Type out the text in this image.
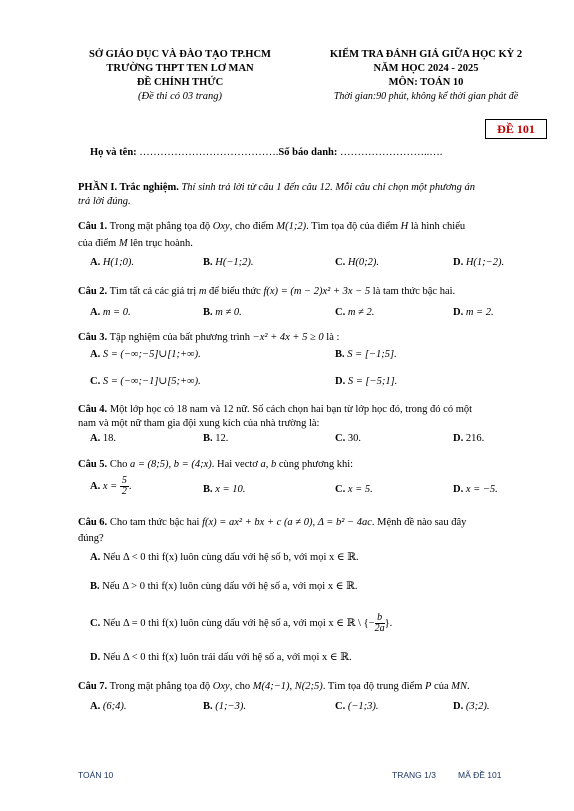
SỞ GIÁO DỤC VÀ ĐÀO TẠO TP.HCM
TRƯỜNG THPT TEN LƠ MAN
ĐỀ CHÍNH THỨC
(Đề thi có 03 trang)
KIỂM TRA ĐÁNH GIÁ GIỮA HỌC KỲ 2
NĂM HỌC 2024 - 2025
MÔN: TOÁN 10
Thời gian:90 phút, không kể thời gian phát đề
ĐỀ 101
Họ và tên: ………………………………….Số báo danh: ……………………..….
PHẦN I. Trắc nghiệm. Thí sinh trả lời từ câu 1 đến câu 12. Mỗi câu chỉ chọn một phương án
trả lời đúng.
Câu 1. Trong mặt phẳng tọa độ Oxy, cho điểm M(1;2). Tìm tọa độ của điểm H là hình chiếu
của điểm M lên trục hoành.
A. H(1;0).	B. H(−1;2).	C. H(0;2).	D. H(1;−2).
Câu 2. Tìm tất cả các giá trị m để biểu thức f(x) = (m − 2)x² + 3x − 5 là tam thức bậc hai.
A. m = 0.	B. m ≠ 0.	C. m ≠ 2.	D. m = 2.
Câu 3. Tập nghiệm của bất phương trình −x² + 4x + 5 ≥ 0 là :
A. S = (−∞;−5]∪[1;+∞).	B. S = [−1;5].
C. S = (−∞;−1]∪[5;+∞).	D. S = [−5;1].
Câu 4. Một lớp học có 18 nam và 12 nữ. Số cách chọn hai bạn từ lớp học đó, trong đó có một
nam và một nữ tham gia đội xung kích của nhà trường là:
A. 18.	B. 12.	C. 30.	D. 216.
Câu 5. Cho a = (8;5), b = (4;x). Hai vectơ a, b cùng phương khi:
A. $x = \frac{5}{2}$ .	B. x = 10.	C. x = 5.	D. x = −5.
Câu 6. Cho tam thức bậc hai f(x) = ax² + bx + c (a ≠ 0), Δ = b² − 4ac. Mệnh đề nào sau đây
đúng?
A. Nếu Δ < 0 thì f(x) luôn cùng dấu với hệ số b, với mọi x ∈ ℝ.
B. Nếu Δ > 0 thì f(x) luôn cùng dấu với hệ số a, với mọi x ∈ ℝ.
C. Nếu Δ = 0 thì f(x) luôn cùng dấu với hệ số a, với mọi x ∈ ℝ \ {− $\frac{b}{2a}$ }.
D. Nếu Δ < 0 thì f(x) luôn trái dấu với hệ số a, với mọi x ∈ ℝ.
Câu 7. Trong mặt phẳng tọa độ Oxy, cho M(4;−1), N(2;5). Tìm tọa độ trung điểm P của MN.
A. (6;4).	B. (1;−3).	C. (−1;3).	D. (3;2).
TOÁN 10	TRANG 1/3	MÃ ĐỀ 101
